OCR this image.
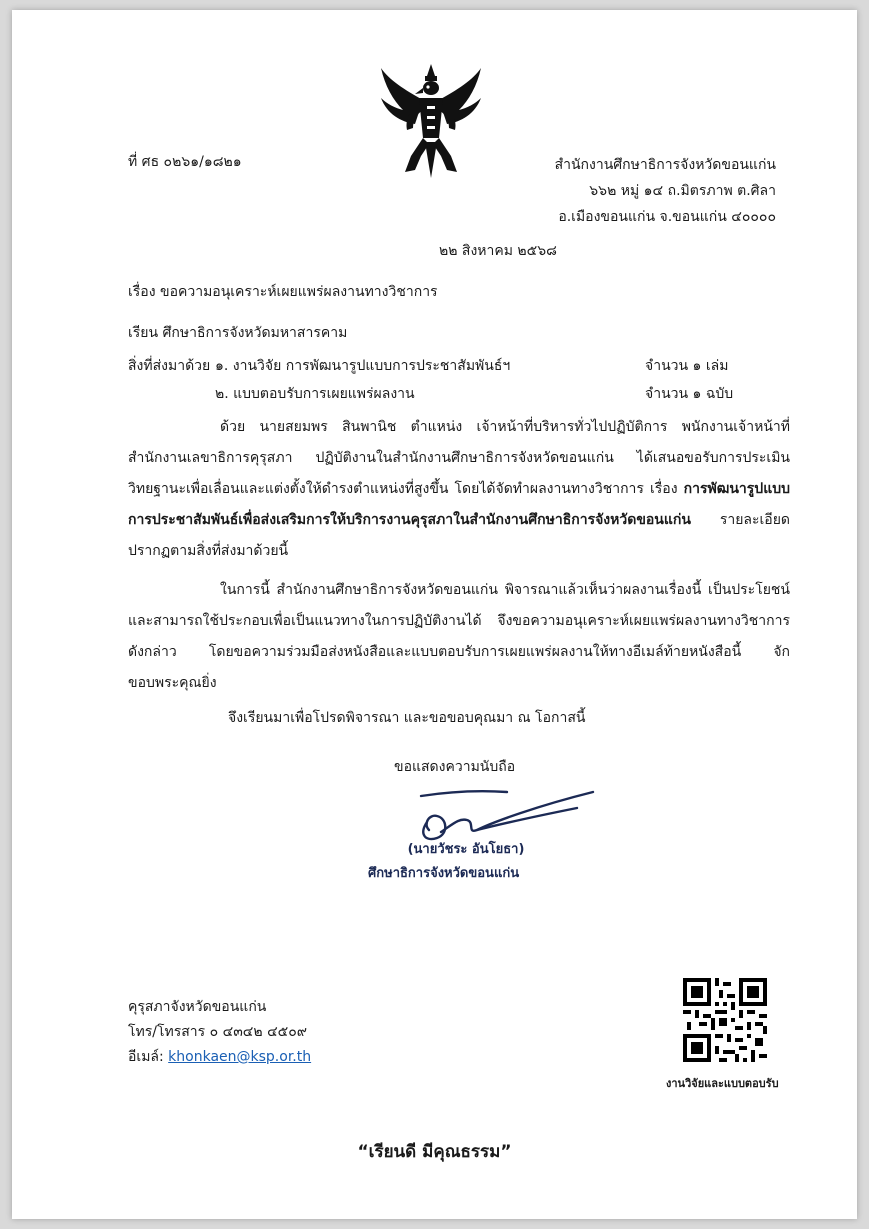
ที่ ศธ ๐๒๖๑/๑๘๒๑	สำนักงานศึกษาธิการจังหวัดขอนแก่น
๖๖๒ หมู่ ๑๔ ถ.มิตรภาพ ต.ศิลา
อ.เมืองขอนแก่น จ.ขอนแก่น ๔๐๐๐๐
๒๒ สิงหาคม ๒๕๖๘
เรื่อง ขอความอนุเคราะห์เผยแพร่ผลงานทางวิชาการ
เรียน ศึกษาธิการจังหวัดมหาสารคาม
สิ่งที่ส่งมาด้วย ๑. งานวิจัย การพัฒนารูปแบบการประชาสัมพันธ์ฯ	จำนวน ๑ เล่ม
๒. แบบตอบรับการเผยแพร่ผลงาน	จำนวน ๑ ฉบับ
ด้วย นายสยมพร สินพานิช ตำแหน่ง เจ้าหน้าที่บริหารทั่วไปปฏิบัติการ พนักงานเจ้าหน้าที่ สำนักงานเลขาธิการคุรุสภา ปฏิบัติงานในสำนักงานศึกษาธิการจังหวัดขอนแก่น ได้เสนอขอรับการประเมินวิทยฐานะเพื่อเลื่อนและแต่งตั้งให้ดำรงตำแหน่งที่สูงขึ้น โดยได้จัดทำผลงานทางวิชาการ เรื่อง การพัฒนารูปแบบการประชาสัมพันธ์เพื่อส่งเสริมการให้บริการงานคุรุสภาในสำนักงานศึกษาธิการจังหวัดขอนแก่น รายละเอียดปรากฏตามสิ่งที่ส่งมาด้วยนี้
ในการนี้ สำนักงานศึกษาธิการจังหวัดขอนแก่น พิจารณาแล้วเห็นว่าผลงานเรื่องนี้ เป็นประโยชน์และสามารถใช้ประกอบเพื่อเป็นแนวทางในการปฏิบัติงานได้ จึงขอความอนุเคราะห์เผยแพร่ผลงานทางวิชาการดังกล่าว โดยขอความร่วมมือส่งหนังสือและแบบตอบรับการเผยแพร่ผลงานให้ทางอีเมล์ท้ายหนังสือนี้ จักขอบพระคุณยิ่ง
จึงเรียนมาเพื่อโปรดพิจารณา และขอขอบคุณมา ณ โอกาสนี้
ขอแสดงความนับถือ
(นายวัชระ อันโยธา)
ศึกษาธิการจังหวัดขอนแก่น
คุรุสภาจังหวัดขอนแก่น
โทร/โทรสาร ๐ ๔๓๔๒ ๔๕๐๙
อีเมล์: khonkaen@ksp.or.th
งานวิจัยและแบบตอบรับ
“เรียนดี มีคุณธรรม”
